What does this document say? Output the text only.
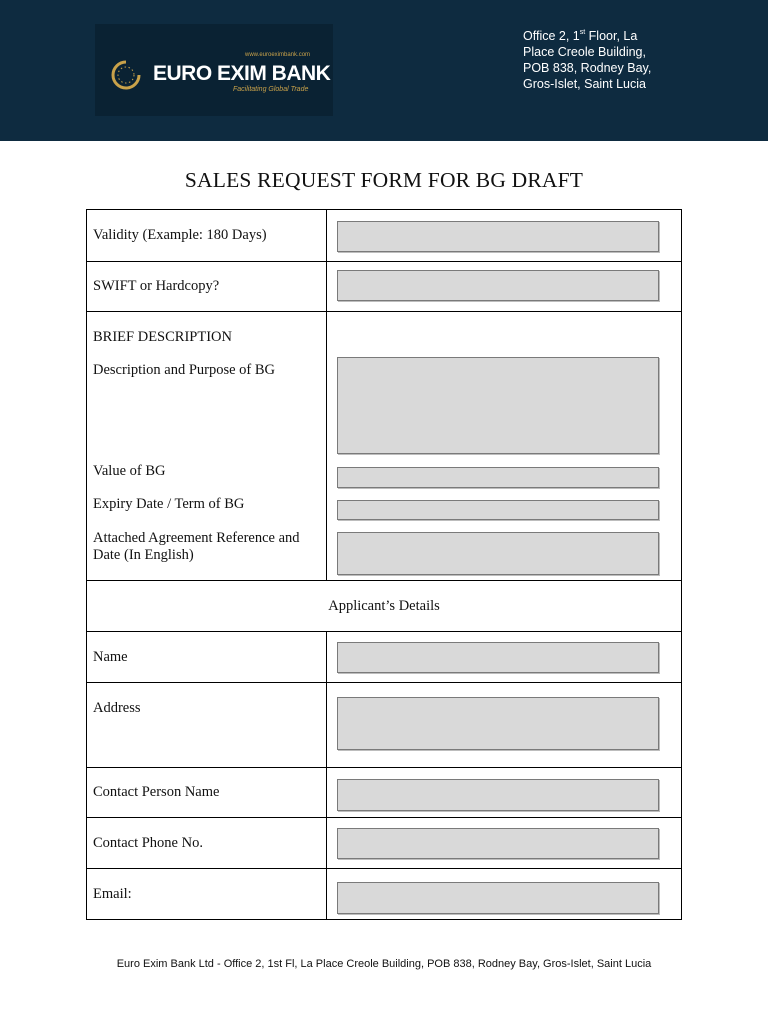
www.euroeximbank.com
EURO EXIM BANK
Facilitating Global Trade
Office 2, 1st Floor, La
Place Creole Building,
POB 838, Rodney Bay,
Gros-Islet, Saint Lucia
SALES REQUEST FORM FOR BG DRAFT
Validity (Example: 180 Days)
SWIFT or Hardcopy?
BRIEF DESCRIPTION
Description and Purpose of BG
Value of BG
Expiry Date / Term of BG
Attached Agreement Reference and
Date (In English)
Applicant’s Details
Name
Address
Contact Person Name
Contact Phone No.
Email:
Euro Exim Bank Ltd - Office 2, 1st Fl, La Place Creole Building, POB 838, Rodney Bay, Gros-Islet, Saint Lucia
